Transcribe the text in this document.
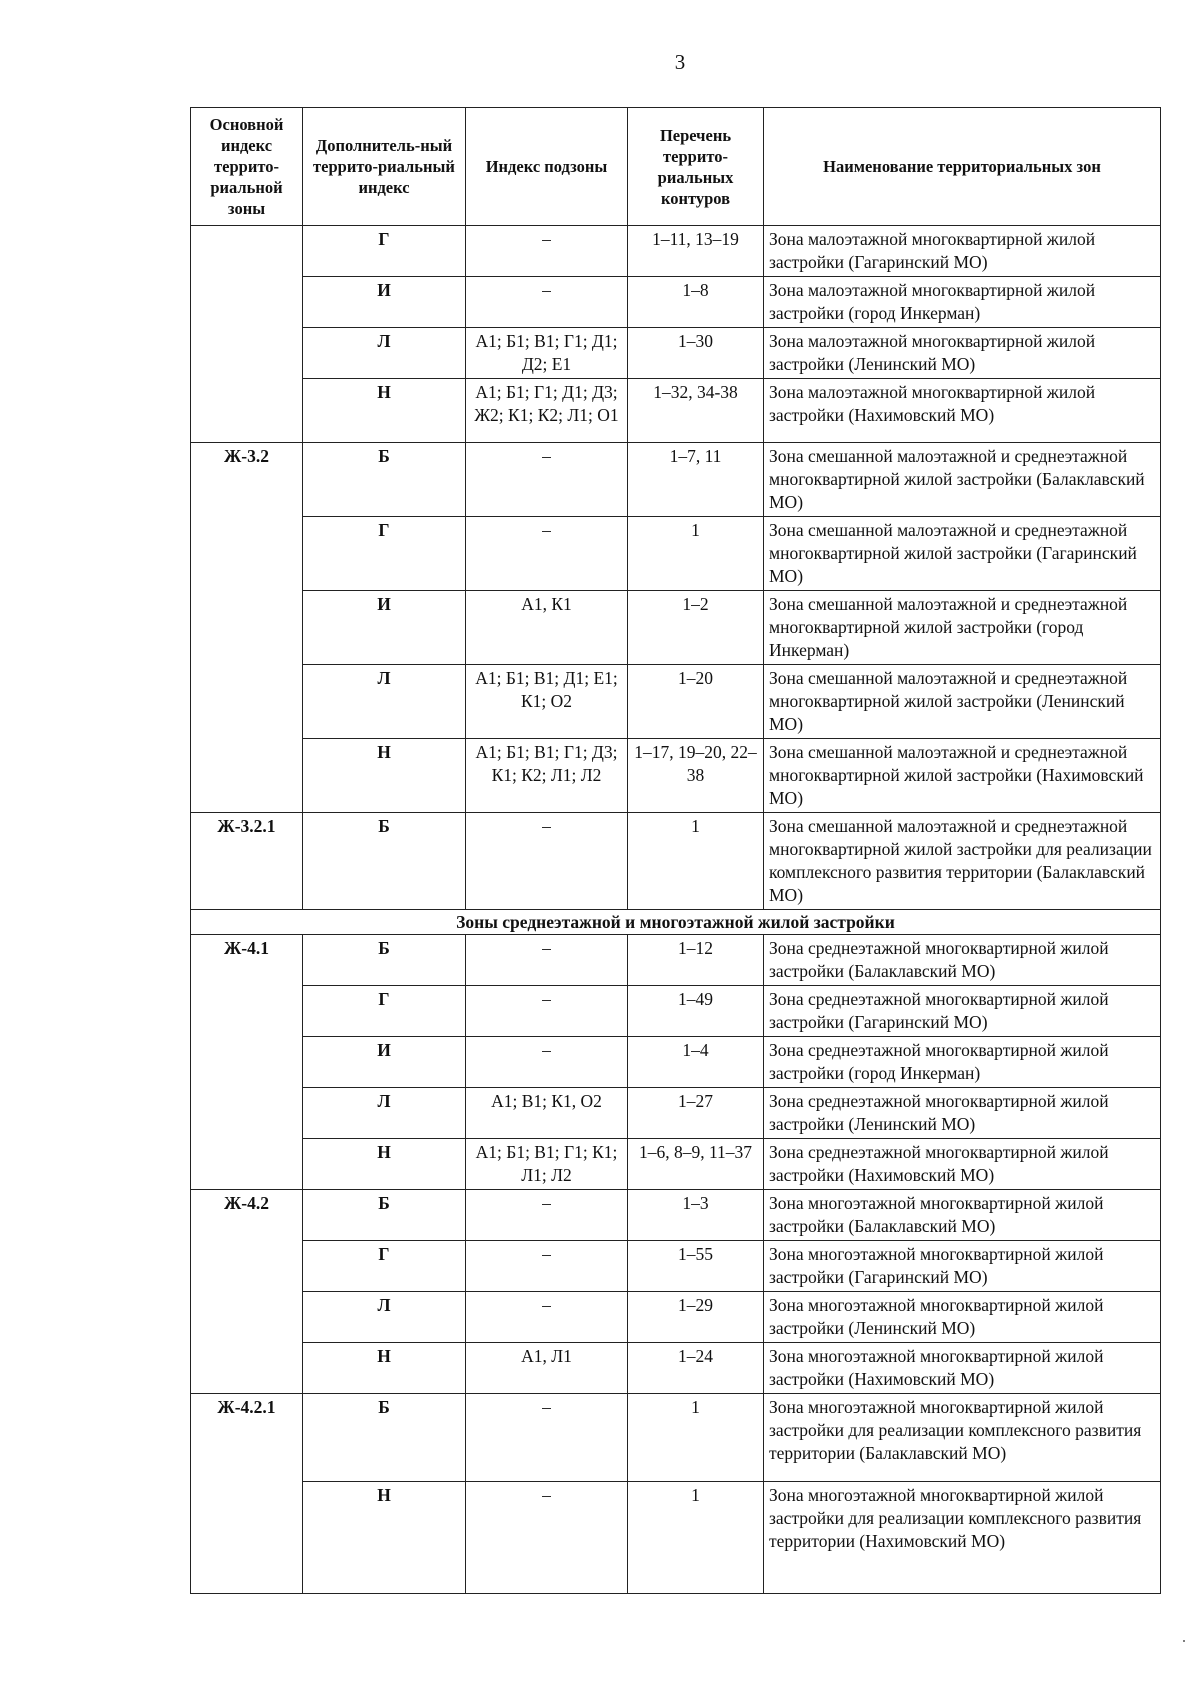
3
Основной индекс террито-риальной зоны	Дополнитель-ный террито-риальный индекс	Индекс подзоны	Перечень террито-риальных контуров	Наименование территориальных зон
	Г	–	1–11, 13–19	Зона малоэтажной многоквартирной жилой застройки (Гагаринский МО)
	И	–	1–8	Зона малоэтажной многоквартирной жилой застройки (город Инкерман)
	Л	А1; Б1; В1; Г1; Д1; Д2; Е1	1–30	Зона малоэтажной многоквартирной жилой застройки (Ленинский МО)
	Н	А1; Б1; Г1; Д1; Д3; Ж2; К1; К2; Л1; О1	1–32, 34-38	Зона малоэтажной многоквартирной жилой застройки (Нахимовский МО)
Ж-3.2	Б	–	1–7, 11	Зона смешанной малоэтажной и среднеэтажной многоквартирной жилой застройки (Балаклавский МО)
	Г	–	1	Зона смешанной малоэтажной и среднеэтажной многоквартирной жилой застройки (Гагаринский МО)
	И	А1, К1	1–2	Зона смешанной малоэтажной и среднеэтажной многоквартирной жилой застройки (город Инкерман)
	Л	А1; Б1; В1; Д1; Е1; К1; О2	1–20	Зона смешанной малоэтажной и среднеэтажной многоквартирной жилой застройки (Ленинский МО)
	Н	А1; Б1; В1; Г1; Д3; К1; К2; Л1; Л2	1–17, 19–20, 22–38	Зона смешанной малоэтажной и среднеэтажной многоквартирной жилой застройки (Нахимовский МО)
Ж-3.2.1	Б	–	1	Зона смешанной малоэтажной и среднеэтажной многоквартирной жилой застройки для реализации комплексного развития территории (Балаклавский МО)
Зоны среднеэтажной и многоэтажной жилой застройки				
Ж-4.1	Б	–	1–12	Зона среднеэтажной многоквартирной жилой застройки (Балаклавский МО)
	Г	–	1–49	Зона среднеэтажной многоквартирной жилой застройки (Гагаринский МО)
	И	–	1–4	Зона среднеэтажной многоквартирной жилой застройки (город Инкерман)
	Л	А1; В1; К1, О2	1–27	Зона среднеэтажной многоквартирной жилой застройки (Ленинский МО)
	Н	А1; Б1; В1; Г1; К1; Л1; Л2	1–6, 8–9, 11–37	Зона среднеэтажной многоквартирной жилой застройки (Нахимовский МО)
Ж-4.2	Б	–	1–3	Зона многоэтажной многоквартирной жилой застройки (Балаклавский МО)
	Г	–	1–55	Зона многоэтажной многоквартирной жилой застройки (Гагаринский МО)
	Л	–	1–29	Зона многоэтажной многоквартирной жилой застройки (Ленинский МО)
	Н	А1, Л1	1–24	Зона многоэтажной многоквартирной жилой застройки (Нахимовский МО)
Ж-4.2.1	Б	–	1	Зона многоэтажной многоквартирной жилой застройки для реализации комплексного развития территории (Балаклавский МО)
	Н	–	1	Зона многоэтажной многоквартирной жилой застройки для реализации комплексного развития территории (Нахимовский МО)
